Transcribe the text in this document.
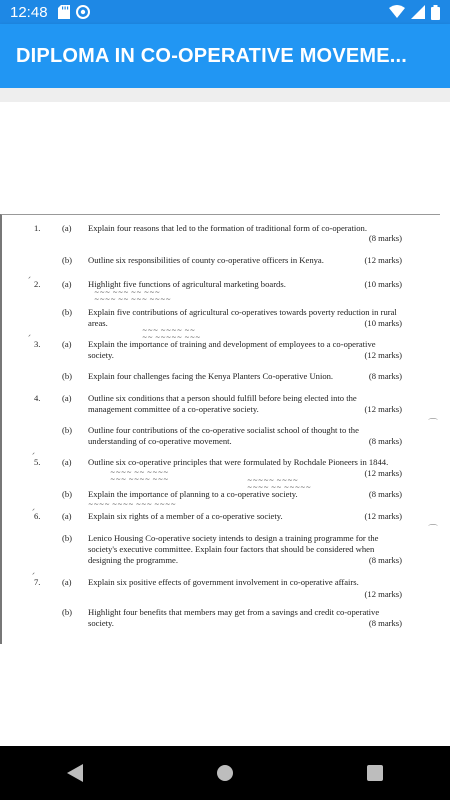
12:48
DIPLOMA IN CO-OPERATIVE MOVEME...
1.	(a) Explain four reasons that led to the formation of traditional form of co-operation.
(8 marks)
(b) Outline six responsibilities of county co-operative officers in Kenya.	(12 marks)
ˊ 2.	(a) Highlight five functions of agricultural marketing boards.	(10 marks)
~~~ ~~~ ~~ ~~~
~~~~ ~~ ~~~ ~~~~
(b) Explain five contributions of agricultural co-operatives towards poverty reduction in rural areas.	(10 marks)
~~~ ~~~~ ~~
~~ ~~~~~ ~~~
ˊ 3.	(a) Explain the importance of training and development of employees to a co-operative society.	(12 marks)
(b) Explain four challenges facing the Kenya Planters Co-operative Union.	(8 marks)
4.	(a) Outline six conditions that a person should fulfill before being elected into the management committee of a co-operative society.	(12 marks)
(b) Outline four contributions of the co-operative socialist school of thought to the understanding of co-operative movement.	(8 marks)
ˊ 5.	(a) Outline six co-operative principles that were formulated by Rochdale Pioneers in 1844.
(12 marks)
~~~~ ~~ ~~~~
~~~ ~~~~ ~~~	~~~~~ ~~~~
~~~~ ~~ ~~~~~
(b) Explain the importance of planning to a co-operative society.	(8 marks)
~~~~ ~~~~ ~~~ ~~~~
ˊ 6.	(a) Explain six rights of a member of a co-operative society.	(12 marks)
(b) Lenico Housing Co-operative society intends to design a training programme for the society's executive committee. Explain four factors that should be considered when designing the programme.	(8 marks)
ˊ 7.	(a) Explain six positive effects of government involvement in co-operative affairs.
(12 marks)
(b) Highlight four benefits that members may get from a savings and credit co-operative society.	(8 marks)
⌒
⌒
